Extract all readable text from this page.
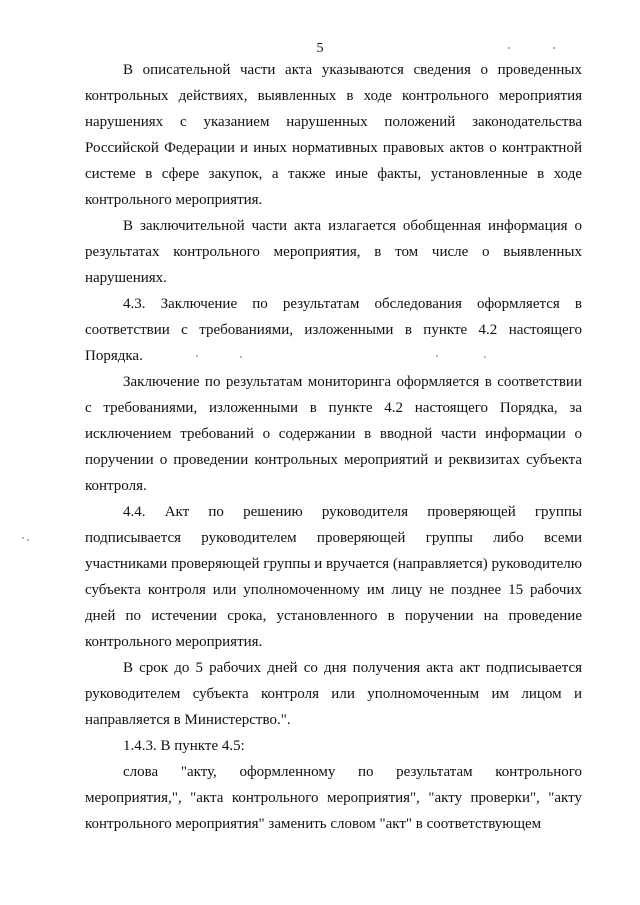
5

В описательной части акта указываются сведения о проведенных контрольных действиях, выявленных в ходе контрольного мероприятия нарушениях с указанием нарушенных положений законодательства Российской Федерации и иных нормативных правовых актов о контрактной системе в сфере закупок, а также иные факты, установленные в ходе контрольного мероприятия.

В заключительной части акта излагается обобщенная информация о результатах контрольного мероприятия, в том числе о выявленных нарушениях.

4.3. Заключение по результатам обследования оформляется в соответствии с требованиями, изложенными в пункте 4.2 настоящего Порядка.

Заключение по результатам мониторинга оформляется в соответствии с требованиями, изложенными в пункте 4.2 настоящего Порядка, за исключением требований о содержании в вводной части информации о поручении о проведении контрольных мероприятий и реквизитах субъекта контроля.

4.4. Акт по решению руководителя проверяющей группы подписывается руководителем проверяющей группы либо всеми участниками проверяющей группы и вручается (направляется) руководителю субъекта контроля или уполномоченному им лицу не позднее 15 рабочих дней по истечении срока, установленного в поручении на проведение контрольного мероприятия.

В срок до 5 рабочих дней со дня получения акта акт подписывается руководителем субъекта контроля или уполномоченным им лицом и направляется в Министерство.".

1.4.3. В пункте 4.5:

слова "акту, оформленному по результатам контрольного мероприятия,", "акта контрольного мероприятия", "акту проверки", "акту контрольного мероприятия" заменить словом "акт" в соответствующем
